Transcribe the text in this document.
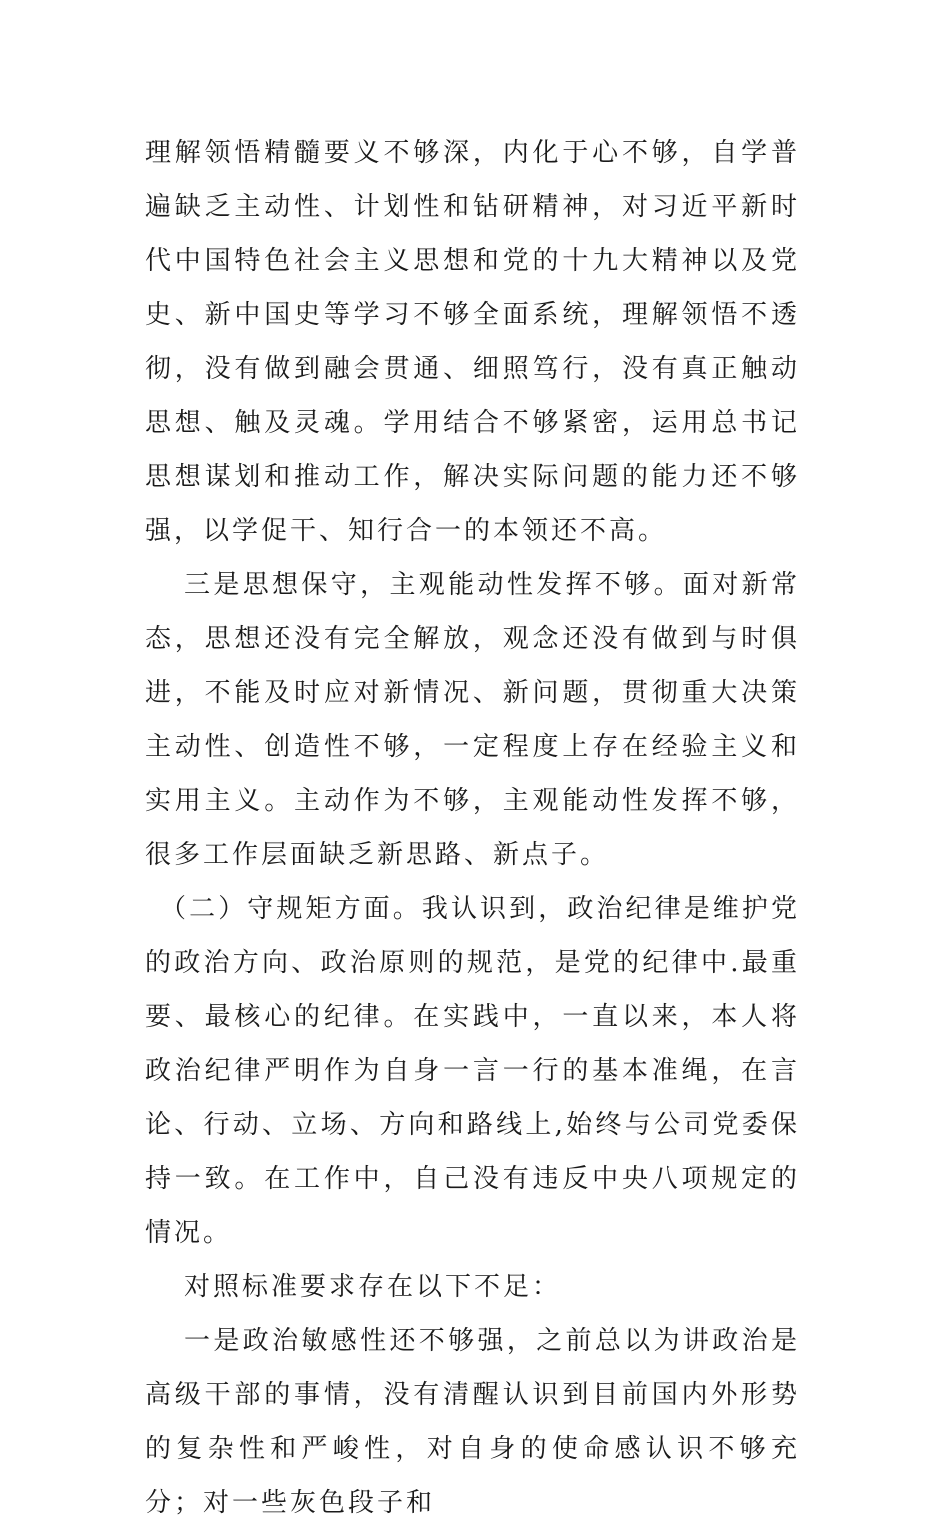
理解领悟精髓要义不够深，内化于心不够，自学普遍缺乏主动性、计划性和钻研精神，对习近平新时代中国特色社会主义思想和党的十九大精神以及党史、新中国史等学习不够全面系统，理解领悟不透彻，没有做到融会贯通、细照笃行，没有真正触动思想、触及灵魂。学用结合不够紧密，运用总书记思想谋划和推动工作，解决实际问题的能力还不够强，以学促干、知行合一的本领还不高。

三是思想保守，主观能动性发挥不够。面对新常态，思想还没有完全解放，观念还没有做到与时俱进，不能及时应对新情况、新问题，贯彻重大决策主动性、创造性不够，一定程度上存在经验主义和实用主义。主动作为不够，主观能动性发挥不够，很多工作层面缺乏新思路、新点子。

（二）守规矩方面。我认识到，政治纪律是维护党的政治方向、政治原则的规范，是党的纪律中.最重要、最核心的纪律。在实践中，一直以来，本人将政治纪律严明作为自身一言一行的基本准绳，在言论、行动、立场、方向和路线上,始终与公司党委保持一致。在工作中，自己没有违反中央八项规定的情况。

对照标准要求存在以下不足：

一是政治敏感性还不够强，之前总以为讲政治是高级干部的事情，没有清醒认识到目前国内外形势的复杂性和严峻性，对自身的使命感认识不够充分；对一些灰色段子和
